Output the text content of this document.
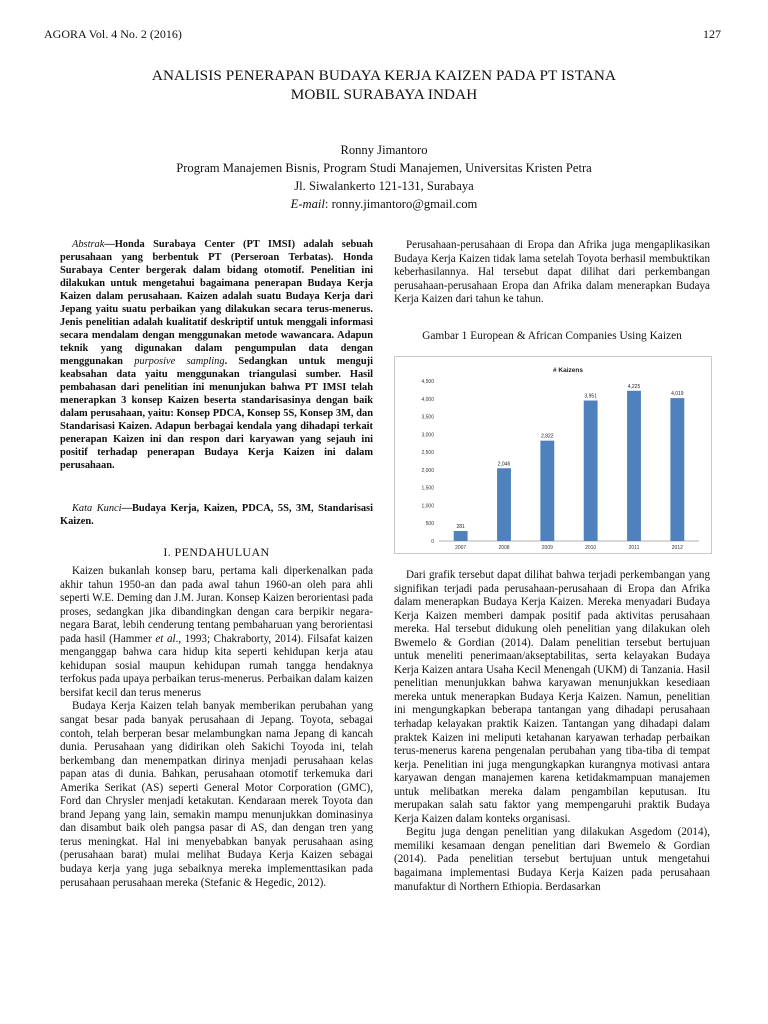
AGORA Vol. 4 No. 2 (2016)	127
ANALISIS PENERAPAN BUDAYA KERJA KAIZEN PADA PT ISTANA
MOBIL SURABAYA INDAH
Ronny Jimantoro
Program Manajemen Bisnis, Program Studi Manajemen, Universitas Kristen Petra
Jl. Siwalankerto 121-131, Surabaya
E-mail: ronny.jimantoro@gmail.com

Abstrak—Honda Surabaya Center (PT IMSI) adalah sebuah perusahaan yang berbentuk PT (Perseroan Terbatas). Honda Surabaya Center bergerak dalam bidang otomotif. Penelitian ini dilakukan untuk mengetahui bagaimana penerapan Budaya Kerja Kaizen dalam perusahaan. Kaizen adalah suatu Budaya Kerja dari Jepang yaitu suatu perbaikan yang dilakukan secara terus-menerus. Jenis penelitian adalah kualitatif deskriptif untuk menggali informasi secara mendalam dengan menggunakan metode wawancara. Adapun teknik yang digunakan dalam pengumpulan data dengan menggunakan purposive sampling. Sedangkan untuk menguji keabsahan data yaitu menggunakan triangulasi sumber. Hasil pembahasan dari penelitian ini menunjukan bahwa PT IMSI telah menerapkan 3 konsep Kaizen beserta standarisasinya dengan baik dalam perusahaan, yaitu: Konsep PDCA, Konsep 5S, Konsep 3M, dan Standarisasi Kaizen. Adapun berbagai kendala yang dihadapi terkait penerapan Kaizen ini dan respon dari karyawan yang sejauh ini positif terhadap penerapan Budaya Kerja Kaizen ini dalam perusahaan.

Kata Kunci—Budaya Kerja, Kaizen, PDCA, 5S, 3M, Standarisasi Kaizen.

I. PENDAHULUAN

Kaizen bukanlah konsep baru, pertama kali diperkenalkan pada akhir tahun 1950-an dan pada awal tahun 1960-an oleh para ahli seperti W.E. Deming dan J.M. Juran. Konsep Kaizen berorientasi pada proses, sedangkan jika dibandingkan dengan cara berpikir negara-negara Barat, lebih cenderung tentang pembaharuan yang berorientasi pada hasil (Hammer et al., 1993; Chakraborty, 2014). Filsafat kaizen menganggap bahwa cara hidup kita seperti kehidupan kerja atau kehidupan sosial maupun kehidupan rumah tangga hendaknya terfokus pada upaya perbaikan terus-menerus. Perbaikan dalam kaizen bersifat kecil dan terus menerus

Budaya Kerja Kaizen telah banyak memberikan perubahan yang sangat besar pada banyak perusahaan di Jepang. Toyota, sebagai contoh, telah berperan besar melambungkan nama Jepang di kancah dunia. Perusahaan yang didirikan oleh Sakichi Toyoda ini, telah berkembang dan menempatkan dirinya menjadi perusahaan kelas papan atas di dunia. Bahkan, perusahaan otomotif terkemuka dari Amerika Serikat (AS) seperti General Motor Corporation (GMC), Ford dan Chrysler menjadi ketakutan. Kendaraan merek Toyota dan brand Jepang yang lain, semakin mampu menunjukkan dominasinya dan disambut baik oleh pangsa pasar di AS, dan dengan tren yang terus meningkat. Hal ini menyebabkan banyak perusahaan asing (perusahaan barat) mulai melihat Budaya Kerja Kaizen sebagai budaya kerja yang juga sebaiknya mereka implementtasikan pada perusahaan perusahaan mereka (Stefanic & Hegedic, 2012).

Perusahaan-perusahaan di Eropa dan Afrika juga mengaplikasikan Budaya Kerja Kaizen tidak lama setelah Toyota berhasil membuktikan keberhasilannya. Hal tersebut dapat dilihat dari perkembangan perusahaan-perusahaan Eropa dan Afrika dalam menerapkan Budaya Kerja Kaizen dari tahun ke tahun.

Gambar 1 European & African Companies Using Kaizen
# Kaizens
0
500
1,000
1,500
2,000
2,500
3,000
3,500
4,000
4,500
281
2,046
2,822
3,951
4,225
4,019
2007	2008	2009	2010	2011	2012

Dari grafik tersebut dapat dilihat bahwa terjadi perkembangan yang signifikan terjadi pada perusahaan-perusahaan di Eropa dan Afrika dalam menerapkan Budaya Kerja Kaizen. Mereka menyadari Budaya Kerja Kaizen memberi dampak positif pada aktivitas perusahaan mereka. Hal tersebut didukung oleh penelitian yang dilakukan oleh Bwemelo & Gordian (2014). Dalam penelitian tersebut bertujuan untuk meneliti penerimaan/akseptabilitas, serta kelayakan Budaya Kerja Kaizen antara Usaha Kecil Menengah (UKM) di Tanzania. Hasil penelitian menunjukkan bahwa karyawan menunjukkan kesediaan mereka untuk menerapkan Budaya Kerja Kaizen. Namun, penelitian ini mengungkapkan beberapa tantangan yang dihadapi perusahaan terhadap kelayakan praktik Kaizen. Tantangan yang dihadapi dalam praktek Kaizen ini meliputi ketahanan karyawan terhadap perbaikan terus-menerus karena pengenalan perubahan yang tiba-tiba di tempat kerja. Penelitian ini juga mengungkapkan kurangnya motivasi antara karyawan dengan manajemen karena ketidakmampuan manajemen untuk melibatkan mereka dalam pengambilan keputusan. Itu merupakan salah satu faktor yang mempengaruhi praktik Budaya Kerja Kaizen dalam konteks organisasi.

Begitu juga dengan penelitian yang dilakukan Asgedom (2014), memiliki kesamaan dengan penelitian dari Bwemelo & Gordian (2014). Pada penelitian tersebut bertujuan untuk mengetahui bagaimana implementasi Budaya Kerja Kaizen pada perusahaan manufaktur di Northern Ethiopia. Berdasarkan
